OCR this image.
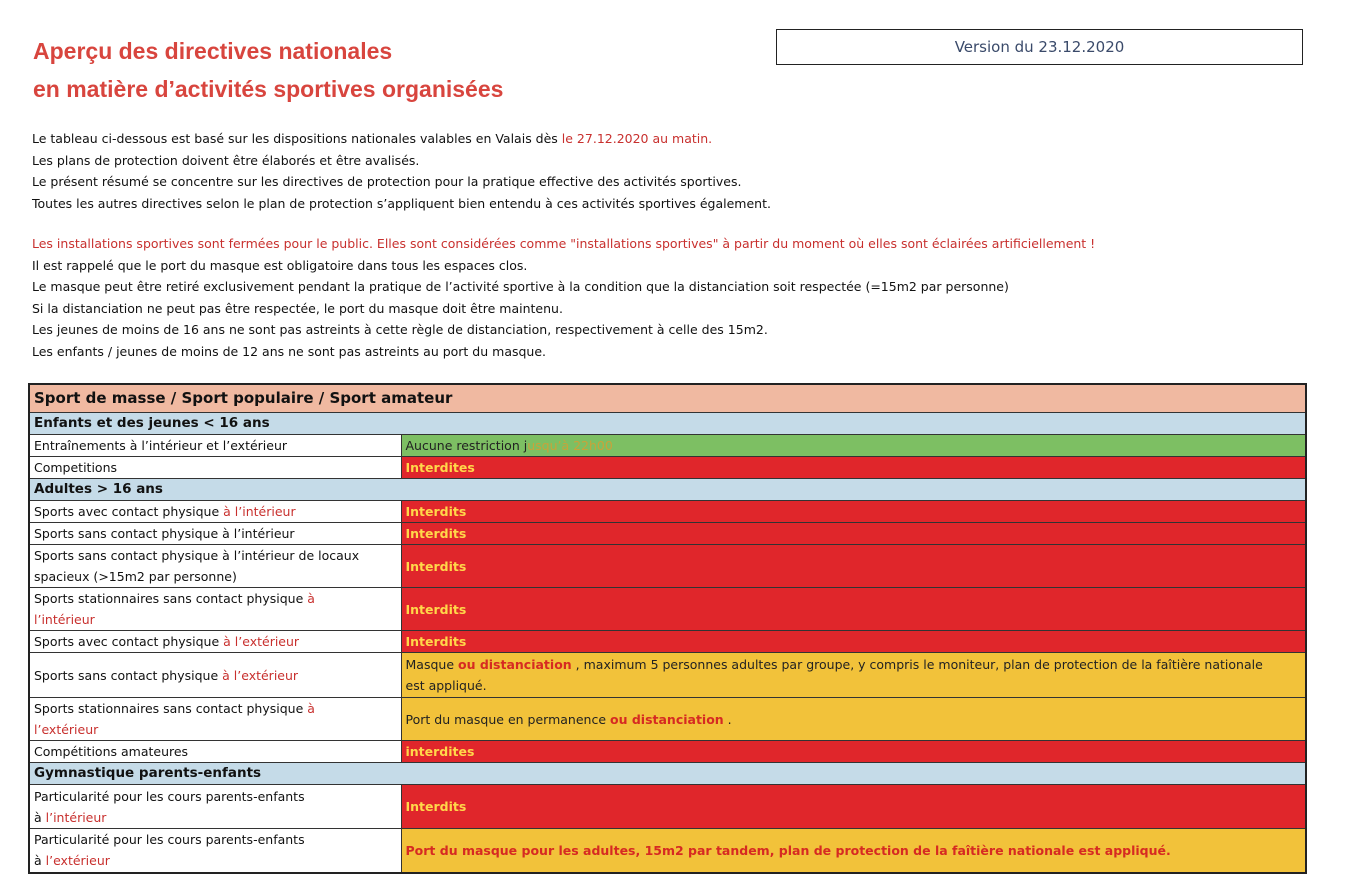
Aperçu des directives nationales
en matière d’activités sportives organisées
Version du 23.12.2020

Le tableau ci-dessous est basé sur les dispositions nationales valables en Valais dès le 27.12.2020 au matin.

Les plans de protection doivent être élaborés et être avalisés.

Le présent résumé se concentre sur les directives de protection pour la pratique effective des activités sportives.

Toutes les autres directives selon le plan de protection s’appliquent bien entendu à ces activités sportives également.

Les installations sportives sont fermées pour le public. Elles sont considérées comme "installations sportives" à partir du moment où elles sont éclairées artificiellement !

Il est rappelé que le port du masque est obligatoire dans tous les espaces clos.

Le masque peut être retiré exclusivement pendant la pratique de l’activité sportive à la condition que la distanciation soit respectée (=15m2 par personne)

Si la distanciation ne peut pas être respectée, le port du masque doit être maintenu.

Les jeunes de moins de 16 ans ne sont pas astreints à cette règle de distanciation, respectivement à celle des 15m2.

Les enfants / jeunes de moins de 12 ans ne sont pas astreints au port du masque.

Sport de masse / Sport populaire / Sport amateur	
Enfants et des jeunes < 16 ans	
Entraînements à l’intérieur et l’extérieur	Aucune restriction jusqu’à 22h00
Competitions	Interdites
Adultes > 16 ans	
Sports avec contact physique à l’intérieur	Interdits
Sports sans contact physique à l’intérieur	Interdits

Sports sans contact physique à l’intérieur de locaux
spacieux (>15m2 par personne)	Interdits

Sports stationnaires sans contact physique à
l’intérieur	Interdits
Sports avec contact physique à l’extérieur	Interdits
Sports sans contact physique à l’extérieur	Masque ou distanciation , maximum 5 personnes adultes par groupe, y compris le moniteur, plan de protection de la faîtière nationale
est appliqué.

Sports stationnaires sans contact physique à
l’extérieur	Port du masque en permanence ou distanciation .
Compétitions amateures	interdites
Gymnastique parents-enfants	

Particularité pour les cours parents-enfants
à l’intérieur	Interdits

Particularité pour les cours parents-enfants
à l’extérieur	Port du masque pour les adultes, 15m2 par tandem, plan de protection de la faîtière nationale est appliqué.
